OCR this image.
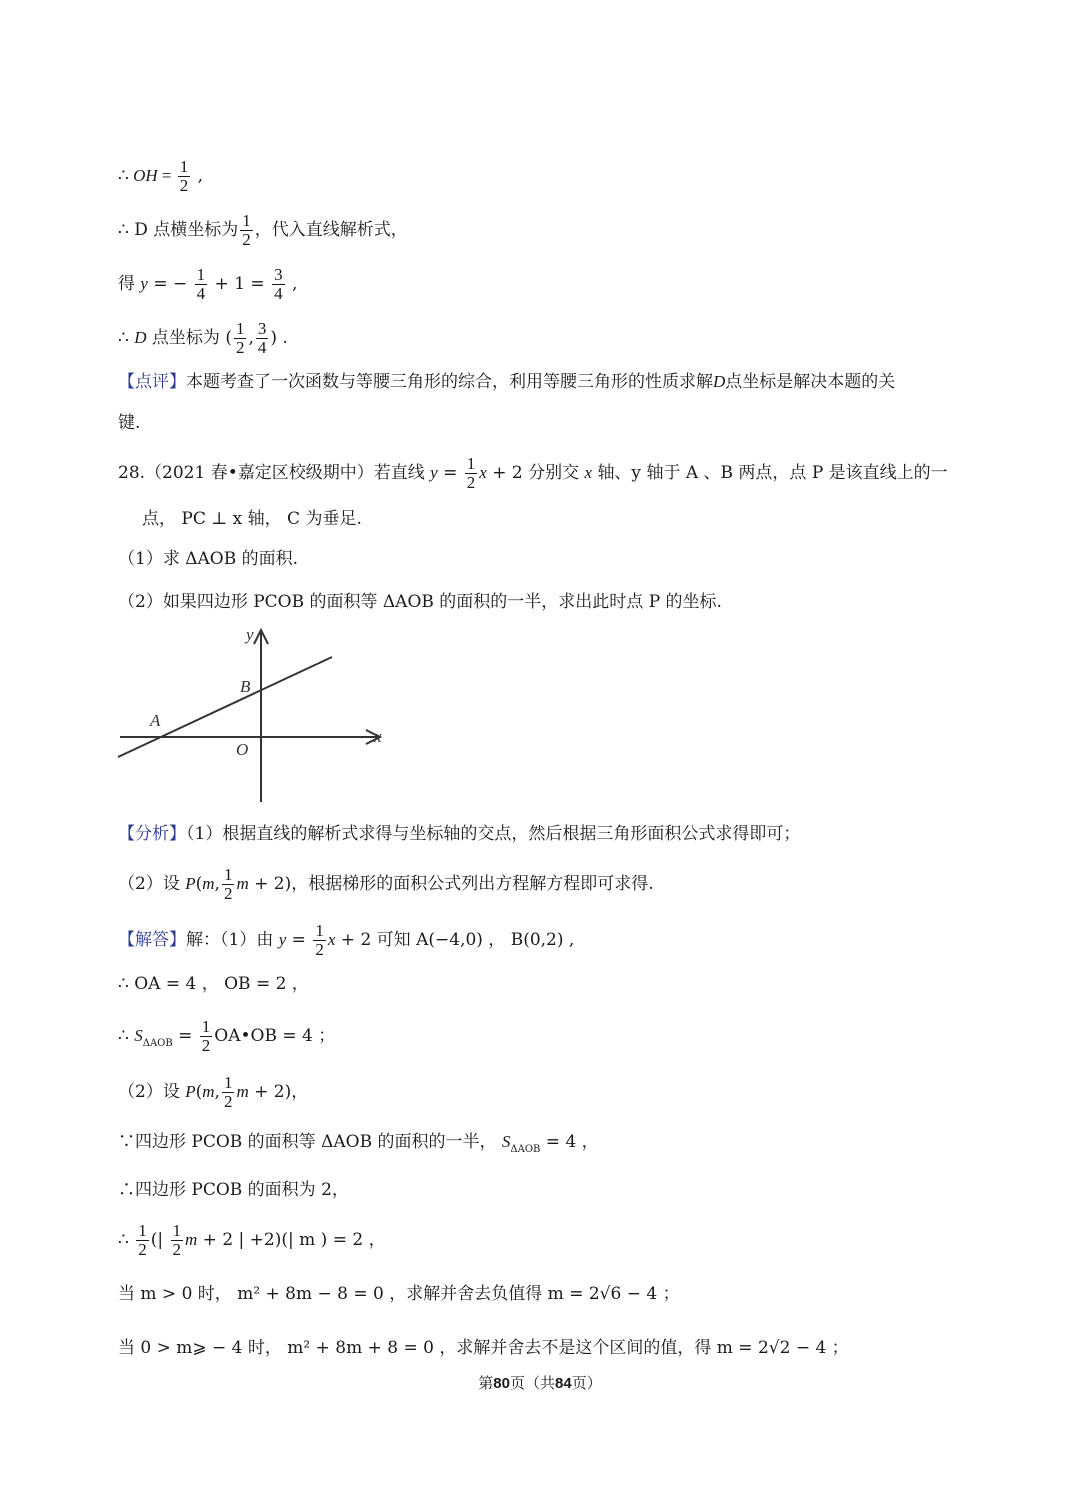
∴ OH = $\frac{1}{2}$ ,
∴ D 点横坐标为 $\frac{1}{2}$ ，代入直线解析式，
得 y = − $\frac{1}{4} + 1 = \frac{3}{4}$ ,
∴ D 点坐标为 ( $\frac{1}{2}$ , $\frac{3}{4}$ ) .
【点评】本题考查了一次函数与等腰三角形的综合，利用等腰三角形的性质求解D点坐标是解决本题的关
键.
28.（2021 春•嘉定区校级期中）若直线 $y = \frac{1}{2}$ x + 2 分别交 x 轴、y 轴于 A 、B 两点，点 P 是该直线上的一
点， PC ⊥ x 轴， C 为垂足.
（1）求 ΔAOB 的面积.
（2）如果四边形 PCOB 的面积等 ΔAOB 的面积的一半，求出此时点 P 的坐标.
y
x
A
B
O
【分析】（1）根据直线的解析式求得与坐标轴的交点，然后根据三角形面积公式求得即可；
（2）设 P(m, $\frac{1}{2}$ m + 2)，根据梯形的面积公式列出方程解方程即可求得.
【解答】解：（1）由 $y = \frac{1}{2}$ x + 2 可知 A(−4,0) ， B(0,2) ,
∴ OA = 4 ， OB = 2 ，
∴ $S_{\Delta AOB} = \frac{1}{2}$ OA•OB = 4 ；
（2）设 P(m, $\frac{1}{2}$ m + 2)，
∵四边形 PCOB 的面积等 ΔAOB 的面积的一半， $S_{\Delta AOB} = 4$ ，
∴四边形 PCOB 的面积为 2，
∴ $\frac{1}{2}$ (| $\frac{1}{2}$ m + 2 | +2)(| m ) = 2 ，
当 m > 0 时， m² + 8m − 8 = 0 ，求解并舍去负值得 m = 2√6 − 4 ；
当 0 > m⩾ − 4 时， m² + 8m + 8 = 0 ，求解并舍去不是这个区间的值，得 m = 2√2 − 4 ；
第80页（共84页）
